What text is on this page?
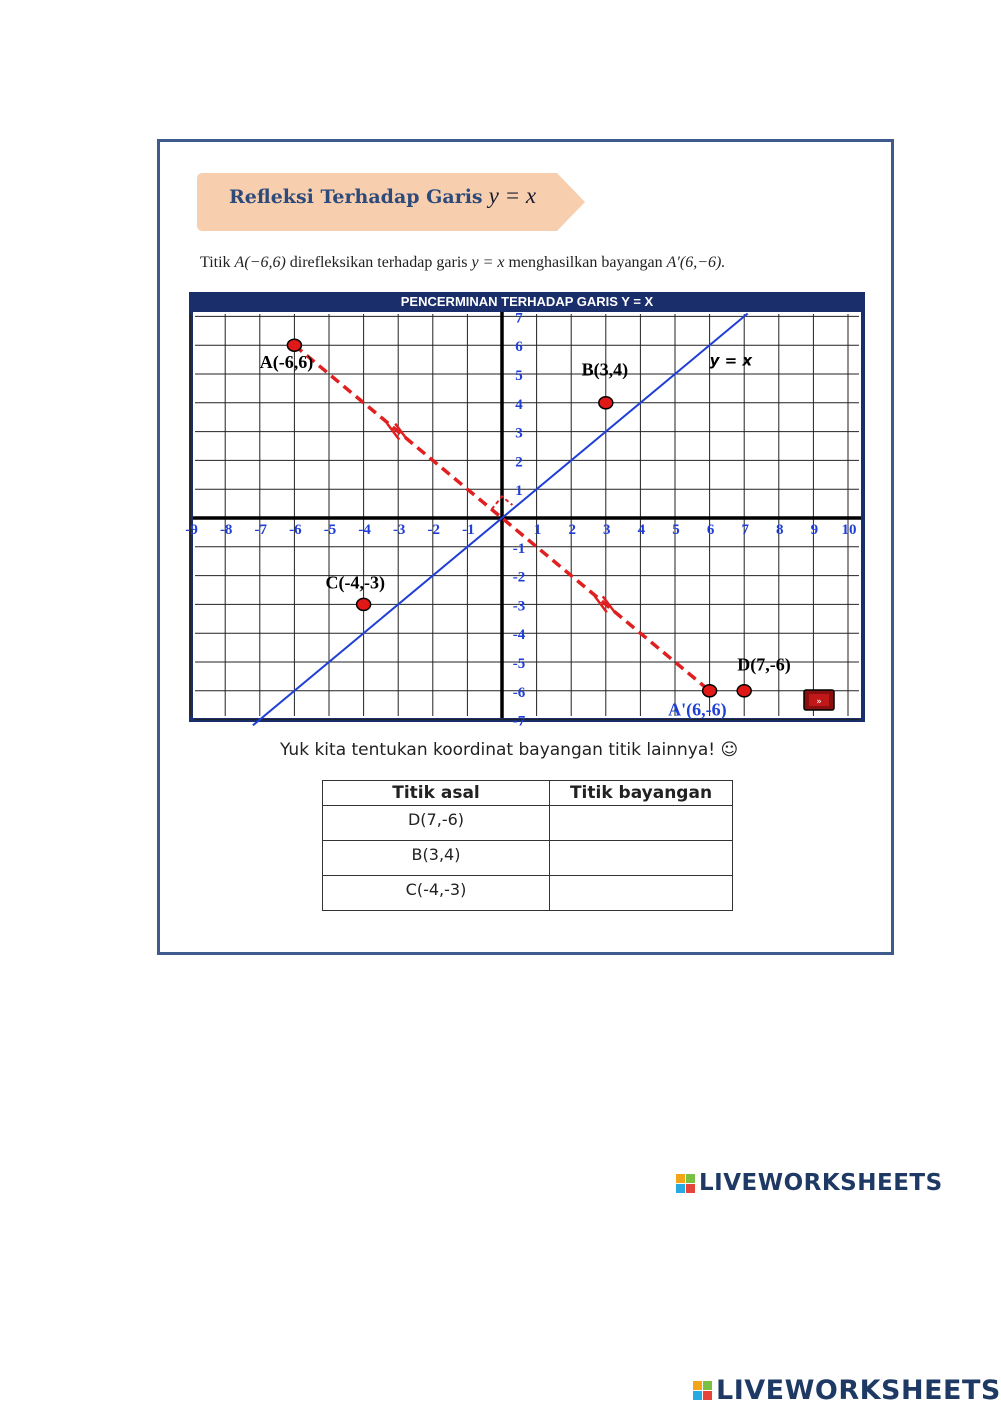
Refleksi Terhadap Garis y = x
Titik A(−6,6) direfleksikan terhadap garis y = x menghasilkan bayangan A′(6,−6).
PENCERMINAN TERHADAP GARIS Y = X
-9 -8 -7 -6 -5 -4 -3 -2 -1	1 2 3 4 5 6 7 8 9 10
7
6
5
4
3
2
1
-1
-2
-3
-4
-5
-6
-7
y = x
A(-6,6)	B(3,4)
C(-4,-3)
D(7,-6)
A'(6,-6)	»
Yuk kita tentukan koordinat bayangan titik lainnya! ☺
Titik asal	Titik bayangan
D(7,-6)	
B(3,4)	
C(-4,-3)	
LIVEWORKSHEETS
LIVEWORKSHEETS
